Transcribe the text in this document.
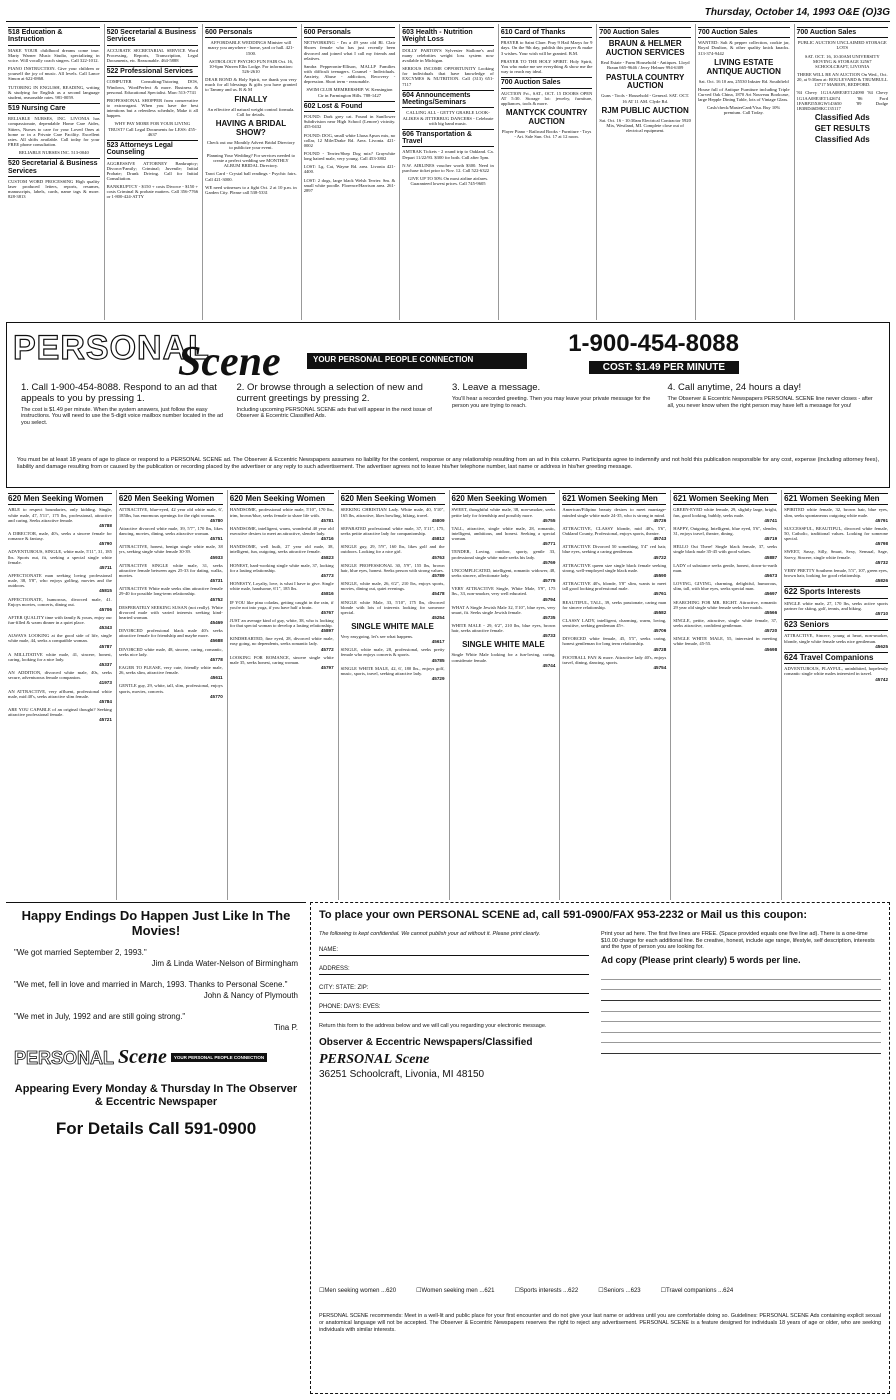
Thursday, October 14, 1993 O&E (O)3G
518 Education & Instruction

MAKE YOUR childhood dreams come true. Marty Warner Music Studio, specializing in voice. Will vocally coach singers. Call 322-1012.

PIANO INSTRUCTION. Give your children or yourself the joy of music. All levels. Call Lance Simon at 622-0868.

TUTORING IN ENGLISH, READING, writing & studying for English as a second language student, reasonable rates. 981-0059.

519 Nursing Care

RELIABLE NURSES, INC. LIVONIA has compassionate, dependable Home Care Aides, Sitters, Nurses to care for your Loved Ones at home or in a Private Care Facility. Excellent rates. All shifts available. Call today for your FREE phone consultation.

RELIABLE NURSES INC. 513-0040

520 Secretarial & Business Services

CUSTOM WORD PROCESSING High quality laser produced letters, reports, resumes, manuscripts, labels, cards, name tags & more. 828-3813

520 Secretarial & Business Services

ACCURATE SECRETARIAL SERVICE Word Processing, Reports, Transcription, Legal Documents, etc. Reasonable. 464-5888

522 Professional Services

COMPUTER Consulting/Tutoring DOS, Windows, WordPerfect & more. Business & personal. Educational Specialist. Marc 513-7741

PROFESSIONAL SHOPPER from conservative to extravagant. When you have the best intentions but a relentless schedule, Make it all happen.

WHY PAY MORE FOR YOUR LIVING TRUST? Call Legal Documents for LESS: 455-4637

523 Attorneys Legal Counseling

AGGRESSIVE ATTORNEY Bankruptcy; Divorce/Family; Criminal; Juvenile; Initial Probate; Drunk Driving. Call for Initial Consultation.

BANKRUPTCY - $150 + costs Divorce - $150 + costs Criminal & probate matters. Call 356-7766 or 1-800-424-ATTY

600 Personals

AFFORDABLE WEDDINGS Minister will marry you anywhere - home, yard or hall. 421-1500.

ASTROLOGY PSYCHO FUN FAIR Oct. 16, 10-6pm Warren Elks Lodge. For information: 526-2610

DEAR BOND & Holy Spirit, we thank you very much for all blessings & gifts you have granted to Tammy and us. R & M

FINALLY

An effective all natural weight control formula. Call for details.

HAVING A BRIDAL SHOW?

Check out our Monthly Advert Bridal Directory to publicize your event.

Planning Your Wedding? For services needed to create a perfect wedding see MONTHLY ALBUM BRIDAL Directory.

Tarot Card - Crystal ball readings - Psychic fairs. Call 421-3000.

WE need witnesses to a fight Oct. 2 at 10 p.m. in Garden City. Please call 538-5331

600 Personals

NETWORKING - I'm a 49 year old Bl. Clair Shores female who has just recently been divorced and joined what I call my friends and relatives.

Sandra Pepperonin-Ellison, MALLP Families with difficult teenagers. Counsel - Individuals. Anxiety, Abuse - addiction, Recovery - depression. Short term - reasonable.

SWIM CLUB MEMBERSHIP. W. Kensington Cir in Farmington Hills. 788-1427

602 Lost & Found

FOUND: Dark grey cat. Found in Sunflower Subdivision near High School (Lenore) vicinity. 455-0432

FOUND: DOG, small white Lhasa Apsos mix, no collar, 12 Mile/Drake Rd. Area. Livonia. 421-0002

FOUND - Terrier/Shep Dog mix? Graywhite long haired male, very young. Call 453-3802

LOST: Lg. Cat, Wayne Rd. area. Livonia 421-4400.

LOST: 2 dogs, large black Welsh Terrier. Sm. & small white poodle. Florence/Harrison area. 261-2897

603 Health - Nutrition Weight Loss

DOLLY PARTON'S Sylvester Stallone's and many celebrities weight loss system now available in Michigan.

SERIOUS INCOME OPPORTUNITY Looking for individuals that have knowledge of EXCYMES & NUTRITION. Call (313) 651-7117

604 Announcements Meetings/Seminars

CALLING ALL - GETTY GRABLE LOOK-ALIKES & JITTERBUG DANCERS - Celebrate with big band music.

606 Transportation & Travel

AMTRAK Tickets - 2 round trip to Oakland. Ca. Depart 11/22/93. $300 for both. Call after 5pm.

N.W. AIRLINES voucher worth $300. Need in purchase ticket prior to Nov. 12. Call 522-6322

GIVE UP TO 50% On most airline airfares. Guaranteed lowest prices. Call 745-9605

610 Card of Thanks

PRAYER to Saint Clare. Pray 9 Hail Marys for 9 days. On the 9th day, publish this prayer & make 3 wishes. Your wish will be granted. B.M.

PRAYER TO THE HOLY SPIRIT. Holy Spirit, You who make me see everything & show me the way to reach my ideal.

700 Auction Sales

AUCTION Fri., SAT., OCT. 15 DOORS OPEN AT 5:30. Storage lot: jewelry, furniture, appliances, tools & more.

MANTYCK COUNTRY AUCTION

Player Piano - Railroad Books - Furniture - Toys - Art. Sale Sun. Oct. 17 at 12 noon.

700 Auction Sales
BRAUN & HELMER AUCTION SERVICES

Real Estate - Farm Household - Antiques. Lloyd Braun 665-9646 / Jerry Helmer 994-6309

PASTULA COUNTRY AUCTION

Guns - Tools - Household - General. SAT. OCT. 16 AT 11 AM. Clyde Rd.

RJM PUBLIC AUCTION

Sat. Oct. 16 - 10:30am Electrical Contractor 5920 Mix, Westland, MI. Complete close out of electrical equipment.

700 Auction Sales

WANTED: Salt & pepper collection, cookie jar, Royal Doulton, & other quality knick knacks. 313-374-9442

LIVING ESTATE ANTIQUE AUCTION

Sat. Oct. 16 10 am, 25530 Inkster Rd. Southfield

House full of Antique Furniture including Triple Curved Oak China, 1870 Art Nouveau Bookcase, large Hepple Dining Table, lots of Vintage Glass.

Cash/check/MasterCard/Visa. Buy 10% premium. Call Today.

700 Auction Sales

PUBLIC AUCTION UNCLAIMED STORAGE LOTS

SAT. OCT. 16, 10:30AM UNIVERSITY MOVING & STORAGE 32567 SCHOOLCRAFT, LIVONIA

THERE WILL BE AN AUCTION On Wed., Oct. 20, at 9:30am at: BOULEVARD & TRUMBULL 13717 MARION, REDFORD.

'84 Chevy 1G1AA08E3ET124090 '84 Chevy 1G1AA08E3ET142674 '86 Ford 1FABP25X0GW143650 '89 Dodge 1B3BD46D8KC135117

Classified Ads
GET RESULTS
Classified Ads
PERSONAL
Scene	YOUR PERSONAL PEOPLE CONNECTION
1-900-454-8088
COST: $1.49 PER MINUTE
1. Call 1-900-454-8088. Respond to an ad that appeals to you by pressing 1.
The cost is $1.49 per minute. When the system answers, just follow the easy instructions. You will need to use the 5-digit voice mailbox number located in the ad you select.
2. Or browse through a selection of new and current greetings by pressing 2.
Including upcoming PERSONAL SCENE ads that will appear in the next issue of Observer & Eccentric Classified Ads.
3. Leave a message.
You'll hear a recorded greeting. Then you may leave your private message for the person you are trying to reach.
4. Call anytime, 24 hours a day!
The Observer & Eccentric Newspapers PERSONAL SCENE line never closes - after all, you never know when the right person may have left a message for you!

You must be at least 18 years of age to place or respond to a PERSONAL SCENE ad. The Observer & Eccentric Newspapers assumes no liability for the content, response or any relationship resulting from an ad in this column. Participants agree to indemnify and not hold this publication responsible for any cost, expense (including attorney fees), liability and damage resulting from or caused by the publication or recording placed by the advertiser or any reply to such advertisement. The advertiser agrees not to leave his/her telephone number, last name or address in his/her greeting message.

620 Men Seeking Women

ABLE to respect boundaries, only kidding. Single, white male, 47, 5'11", 175 lbs, professional, attractive and caring. Seeks attractive female.
45788

A DIRECTOR, male, 40's, seeks a sincere female for romance & fantasy.
45790

ADVENTUROUS, SINGLE, white male, 5'11", 31, 185 lbs. Sports nut, fit, seeking a special single white female.
45711

AFFECTIONATE man seeking loving professional male, 38, 5'8", who enjoys golfing, movies and the outdoors.
45815

AFFECTIONATE, humorous, divorced male, 41. Enjoys movies, concerts, dining out.
45706

AFTER QUALITY time with family & yours, enjoy our fun-filled & warm dinner in a quiet place.
45343

ALWAYS LOOKING at the good side of life, single white male, 44, seeks a compatible woman.
45787

A MILLITATIVE white male, 41, sincere, honest, caring, looking for a nice lady.
45337

AN ADDITION, divorced white male, 40s, seeks secure, adventurous female companion.
41973

AN ATTRACTIVE, very affluent, professional white male, mid 40's, seeks attractive slim female.
45784

ARE YOU CAPABLE of an original thought? Seeking attractive professional female.
45721

620 Men Seeking Women

ATTRACTIVE, blue-eyed, 42 year old white male, 6', 185lbs, has enormous openings for the right woman.
45780

Attractive divorced white male, 39, 5'7", 170 lbs, likes dancing, movies, dining, seeks attractive woman.
45751

ATTRACTIVE, honest, benign single white male, 38 yrs, seeking single white female 30-39.
45933

ATTRACTIVE SINGLE white male, 31, seeks attractive female between ages 25-33 for dating, walks, movies.
45731

ATTRACTIVE White male seeks slim attractive female 29-40 for possible long-term relationship.
45752

DESPERATELY SEEKING SUSAN (not really). White divorced male with varied interests seeking kind-hearted woman.
45469

DIVORCED professional black male 40's seeks attractive female for friendship and maybe more.
45688

DIVORCED white male, 48, sincere, caring, romantic, seeks nice lady.
45778

EAGER TO PLEASE, very cute, friendly white male, 26, seeks slim, attractive female.
45611

GENTLE guy, 29, white, tall, slim, professional, enjoys sports, movies, concerts.
45770

620 Men Seeking Women

HANDSOME, professional white male, 5'10", 170 lbs, trim, brown/blue, seeks female to share life with.
45781

HANDSOME, intelligent, warm, wonderful 40 year old executive desires to meet an attractive, slender lady.
45716

HANDSOME, well built, 27 year old male, 38, intelligent, fun, outgoing, seeks attractive female.
45823

HONEST, hard-working single white male, 37, looking for a lasting relationship.
45773

HONESTY, Loyalty, love, is what I have to give. Single white male, handsome, 6'1", 185 lbs.
45816

IF YOU like pina coladas, getting caught in the rain, if you're not into yoga, if you have half a brain.
45767

JUST an average kind of guy, white, 38, who is looking for that special woman to develop a lasting relationship.
45897

KINDHEARTED, fine eyed, 28, divorced white male, easy going, no dependents, seeks romantic lady.
45772

LOOKING FOR ROMANCE, sincere single white male 35, seeks honest, caring woman.
45797

620 Men Seeking Women

SEEKING CHRISTIAN Lady. White male, 40, 5'10", 165 lbs, attractive, likes bowling, biking, travel.
45809

SEPARATED professional white male, 37, 5'11", 175, seeks petite attractive lady for companionship.
45812

SINGLE guy, 29, 5'9", 160 lbs, likes golf and the outdoors. Looking for a nice girl.
45763

SINGLE PROFESSIONAL 30, 5'9", 155 lbs, brown hair, blue eyes, honest. Seeks person with strong values.
45789

SINGLE, white male, 26, 6'2", 210 lbs, enjoys sports, movies, dining out, quiet evenings.
45478

SINGLE white Male, 33, 5'10", 175 lbs, divorced blonde with lots of interests looking for someone special.
45254

SINGLE WHITE MALE

Very easygoing, let's see what happens.
45617

SINGLE, white male, 28, professional, seeks pretty female who enjoys concerts & sports.
45785

SINGLE WHITE MALE, 42, 6', 180 lbs., enjoys golf, music, sports, travel, seeking attractive lady.
45729

620 Men Seeking Women

SWEET, thoughtful white male, 38, non-smoker, seeks petite lady for friendship and possibly more.
45755

TALL, attractive, single white male, 28, romantic, intelligent, ambitious, and honest. Seeking a special woman.
45771

TENDER, Loving, outdoor, sporty, gentle 33, professional single white male seeks his lady.
45769

UNCOMPLICATED, intelligent, romantic widower, 48, seeks sincere, affectionate lady.
45775

VERY ATTRACTIVE Single, White Male, 5'9", 175 lbs., 33, non-smoker, very well educated.
45794

WHAT A Single Jewish Male 32, 5'10", blue eyes, very smart, fit. Seeks single Jewish female.
45735

WHITE MALE - 29, 6'2", 210 lbs, blue eyes, brown hair, seeks attractive female.
45733

SINGLE WHITE MALE

Single White Male looking for a fun-loving, caring, considerate female.
45744

621 Women Seeking Men

American/Filipino beauty desires to meet marriage-minded single white male 24-35, who is strong in mind.
45726

ATTRACTIVE, CLASSY blonde, mid 40's, 5'6", Oakland County, Professional, enjoys sports, theatre.
45743

ATTRACTIVE Divorced 50 something, 5'4" red hair, blue eyes, seeking a caring gentleman.
45722

ATTRACTIVE queen size single black female seeking strong, well-employed single black male.
45590

ATTRACTIVE 40's, blonde, 5'8" slim, wants to meet tall good looking professional male.
45761

BEAUTIFUL, TALL, 39, seeks passionate, caring man for sincere relationship.
45582

CLASSY LADY, intelligent, charming, warm, loving, sensitive, seeking gentleman 45+.
45706

DIVORCED white female, 45, 5'5", seeks caring, honest gentleman for long term relationship.
45728

FOOTBALL FAN & more. Attractive lady 40's, enjoys travel, dining, dancing, sports.
45754

621 Women Seeking Men

GREEN-EYED white female, 29, slightly large, bright, fun, good looking, bubbly, seeks male.
45741

HAPPY, Outgoing, Intelligent, blue eyed, 5'6", slender, 31, enjoys travel, theatre, dining.
45719

HELLO Out There! Single black female, 37, seeks single black male 35-45 with good values.
45887

LADY of substance seeks gentle, honest, down-to-earth man.
45673

LOVING, GIVING, charming, delightful, humorous, slim, tall, with blue eyes, seeks special man.
45697

SEARCHING FOR MR. RIGHT. Attractive, romantic 29 year old single white female seeks her match.
45566

SINGLE, petite, attractive, single white female, 37, seeks attractive, confident gentleman.
45720

SINGLE WHITE MALE, 55, interested in meeting white female, 45-55.
45698

621 Women Seeking Men

SPIRITED white female, 32, brown hair, blue eyes, slim, seeks spontaneous outgoing white male.
45791

SUCCESSFUL, BEAUTIFUL, divorced white female, 50, Catholic, traditional values. Looking for someone special.
45798

SWEET, Sassy, Silly, Smart, Sexy, Sensual, Sage, Savvy, Sincere, single white female.
45732

VERY PRETTY Southern female, 5'3", 107, green eyes, brown hair, looking for good relationship.
45826

622 Sports Interests

SINGLE white male, 27, 170 lbs, seeks active sports partner for skiing, golf, tennis, and biking.
45710

623 Seniors

ATTRACTIVE, Sincere, young at heart, non-smoker, blonde, single white female seeks nice gentleman.
45625

624 Travel Companions

ADVENTUROUS, PLAYFUL, uninhibited, hopelessly romantic single white males interested in travel.
45742

Happy Endings Do Happen Just Like In The Movies!
"We got married September 2, 1993."
Jim & Linda Water-Nelson of Birmingham
"We met, fell in love and married in March, 1993. Thanks to Personal Scene."
John & Nancy of Plymouth
"We met in July, 1992 and are still going strong."
Tina P.
PERSONAL Scene	YOUR PERSONAL PEOPLE CONNECTION
Appearing Every Monday & Thursday In The Observer & Eccentric Newspaper
For Details Call 591-0900
To place your own PERSONAL SCENE ad, call 591-0900/FAX 953-2232 or Mail us this coupon:
The following is kept confidential. We cannot publish your ad without it. Please print clearly.
NAME:
ADDRESS:
CITY: STATE: ZIP:
PHONE: DAYS: EVES:
Return this form to the address below and we will call you regarding your electronic message.
Observer & Eccentric Newspapers/Classified
PERSONAL Scene
36251 Schoolcraft, Livonia, MI 48150
Print your ad here. The first five lines are FREE. (Space provided equals one five line ad). There is a one-time $10.00 charge for each additional line. Be creative, honest, include age range, lifestyle, self description, interests and the type of person you are looking for.
Ad copy (Please print clearly) 5 words per line.
☐ Men seeking women ...620	☐ Women seeking men ...621	☐ Sports interests ...622	☐ Seniors ...623	☐ Travel companions ...624

PERSONAL SCENE recommends: Meet in a well-lit and public place for your first encounter and do not give your last name or address until you are comfortable doing so. Guidelines: PERSONAL SCENE Ads containing explicit sexual or anatomical language will not be accepted. The Observer & Eccentric Newspapers reserves the right to reject any advertisement. PERSONAL SCENE is a feature designed for individuals 18 years of age or older, who are seeking individuals with similar interests.
